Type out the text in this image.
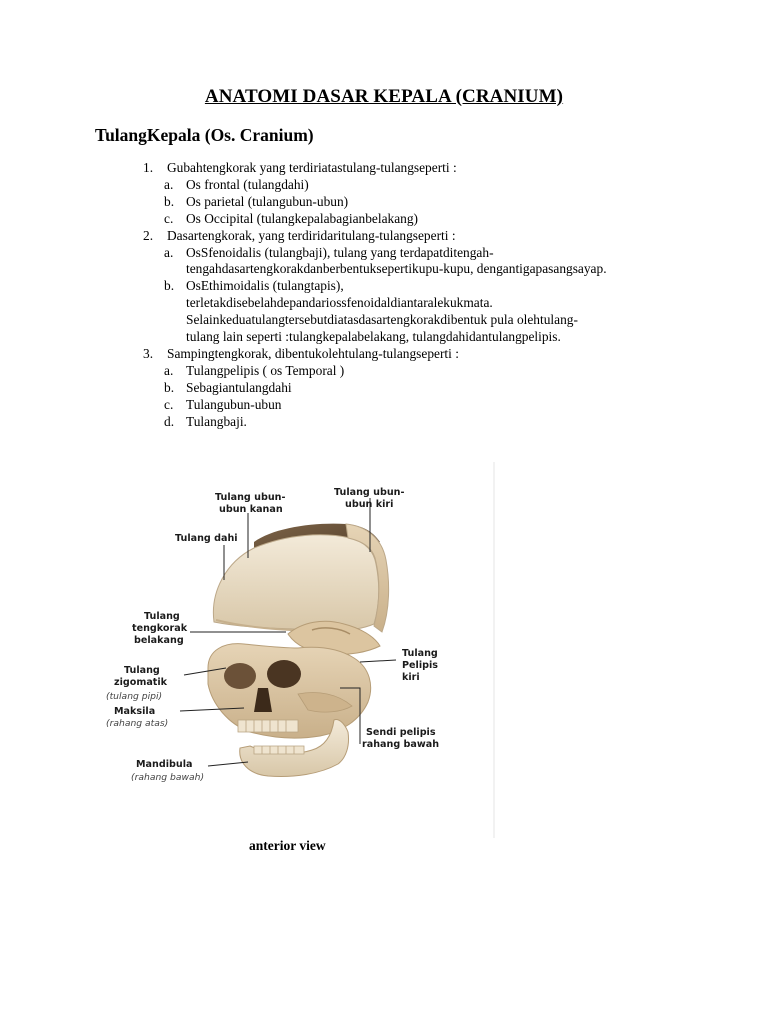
ANATOMI DASAR KEPALA (CRANIUM)
TulangKepala (Os. Cranium)
1. Gubahtengkorak yang terdiriatastulang-tulangseperti :
a. Os frontal (tulangdahi)
b. Os parietal (tulangubun-ubun)
c. Os Occipital (tulangkepalabagianbelakang)
2. Dasartengkorak, yang terdiridaritulang-tulangseperti :
a. OsSfenoidalis (tulangbaji), tulang yang terdapatditengah-
tengahdasartengkorakdanberbentuksepertikupu-kupu, dengantigapasangsayap.
b. OsEthimoidalis (tulangtapis),
terletakdisebelahdepandariossfenoidaldiantaralekukmata.
Selainkeduatulangtersebutdiatasdasartengkorakdibentuk pula olehtulang-
tulang lain seperti :tulangkepalabelakang, tulangdahidantulangpelipis.
3. Sampingtengkorak, dibentukolehtulang-tulangseperti :
a. Tulangpelipis ( os Temporal )
b. Sebagiantulangdahi
c. Tulangubun-ubun
d. Tulangbaji.
Tulang ubun-
ubun kanan
Tulang ubun-
ubun kiri
Tulang dahi
Tulang
tengkorak
belakang
Tulang
zigomatik
(tulang pipi)
Maksila
(rahang atas)
Tulang
Pelipis
kiri
Sendi pelipis
rahang bawah
Mandibula
(rahang bawah)
anterior view
